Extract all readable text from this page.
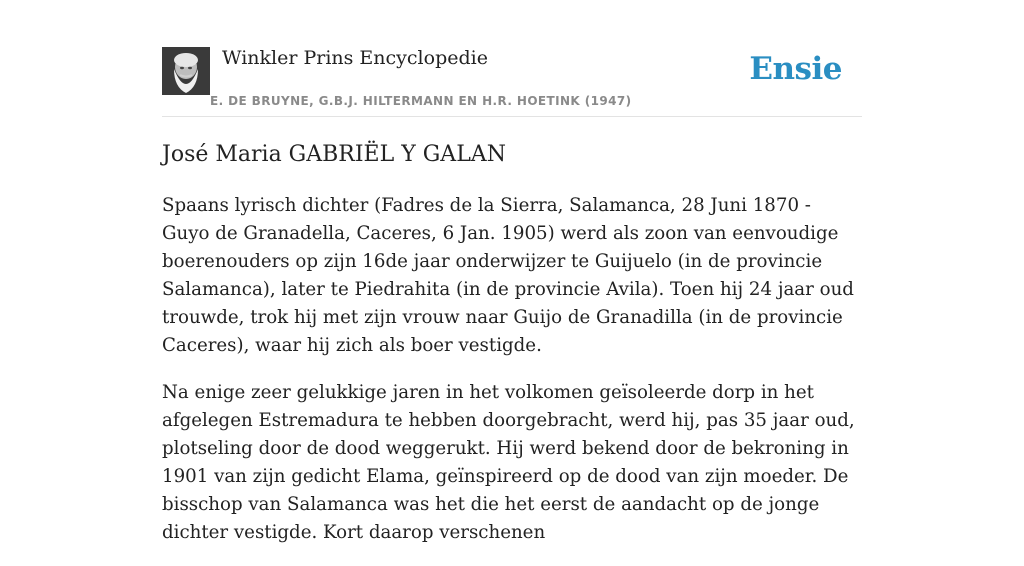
Winkler Prins Encyclopedie
E. DE BRUYNE, G.B.J. HILTERMANN EN H.R. HOETINK (1947)
Ensie
José Maria GABRIËL Y GALAN

Spaans lyrisch dichter (Fadres de la Sierra, Salamanca, 28 Juni 1870 - Guyo de Granadella, Caceres, 6 Jan. 1905) werd als zoon van eenvoudige boerenouders op zijn 16de jaar onderwijzer te Guijuelo (in de provincie Salamanca), later te Piedrahita (in de provincie Avila). Toen hij 24 jaar oud trouwde, trok hij met zijn vrouw naar Guijo de Granadilla (in de provincie Caceres), waar hij zich als boer vestigde.

Na enige zeer gelukkige jaren in het volkomen geïsoleerde dorp in het afgelegen Estremadura te hebben doorgebracht, werd hij, pas 35 jaar oud, plotseling door de dood weggerukt. Hij werd bekend door de bekroning in 1901 van zijn gedicht Elama, geïnspireerd op de dood van zijn moeder. De bisschop van Salamanca was het die het eerst de aandacht op de jonge dichter vestigde. Kort daarop verschenen
